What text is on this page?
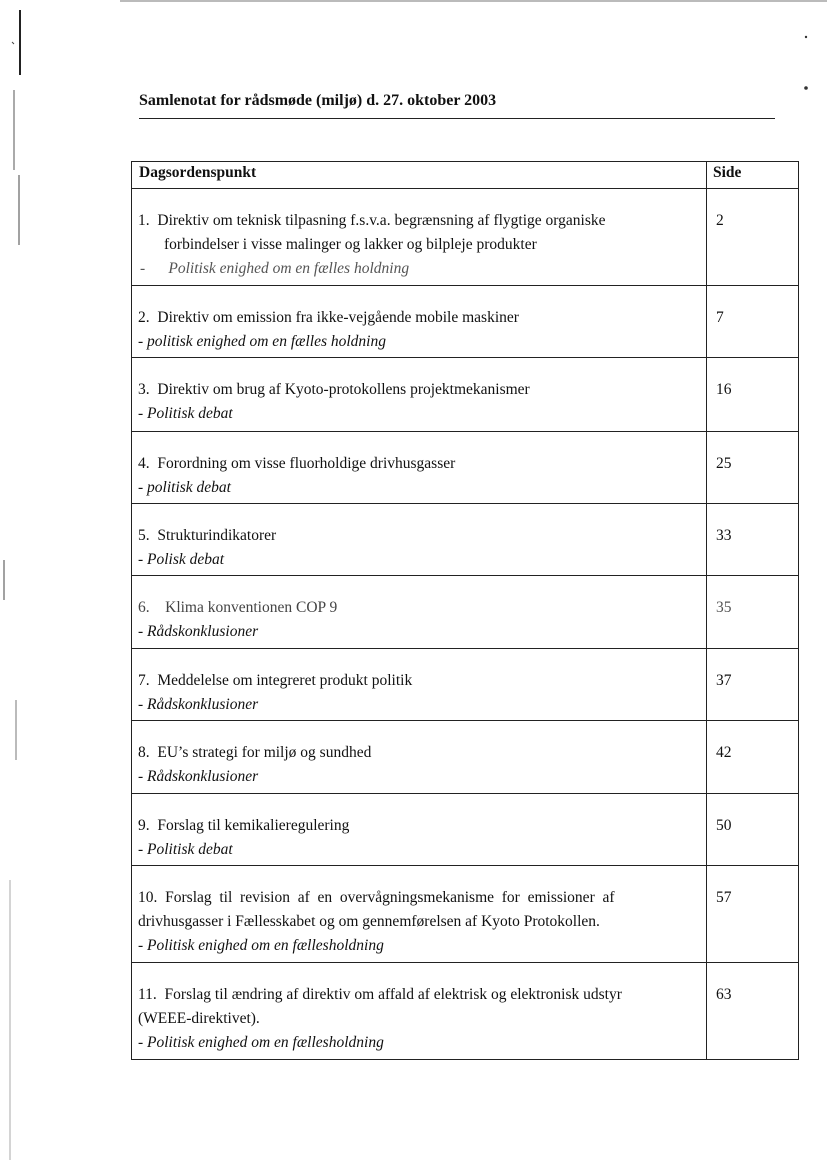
Samlenotat for rådsmøde (miljø) d. 27. oktober 2003
Dagsordenspunkt	Side
1.  Direktiv om teknisk tilpasning f.s.v.a. begrænsning af flygtige organiske
forbindelser i visse malinger og lakker og bilpleje produkter
-      Politisk enighed om en fælles holdning
2
2.  Direktiv om emission fra ikke-vejgående mobile maskiner
- politisk enighed om en fælles holdning
7
3.  Direktiv om brug af Kyoto-protokollens projektmekanismer
- Politisk debat
16
4.  Forordning om visse fluorholdige drivhusgasser
- politisk debat
25
5.  Strukturindikatorer
- Polisk debat
33
6.    Klima konventionen COP 9
- Rådskonklusioner
35
7.  Meddelelse om integreret produkt politik
- Rådskonklusioner
37
8.  EU’s strategi for miljø og sundhed
- Rådskonklusioner
42
9.  Forslag til kemikalieregulering
- Politisk debat
50
10.  Forslag  til  revision  af  en  overvågningsmekanisme  for  emissioner  af
drivhusgasser i Fællesskabet og om gennemførelsen af Kyoto Protokollen.
- Politisk enighed om en fællesholdning
57
11.  Forslag til ændring af direktiv om affald af elektrisk og elektronisk udstyr
(WEEE-direktivet).
- Politisk enighed om en fællesholdning
63
